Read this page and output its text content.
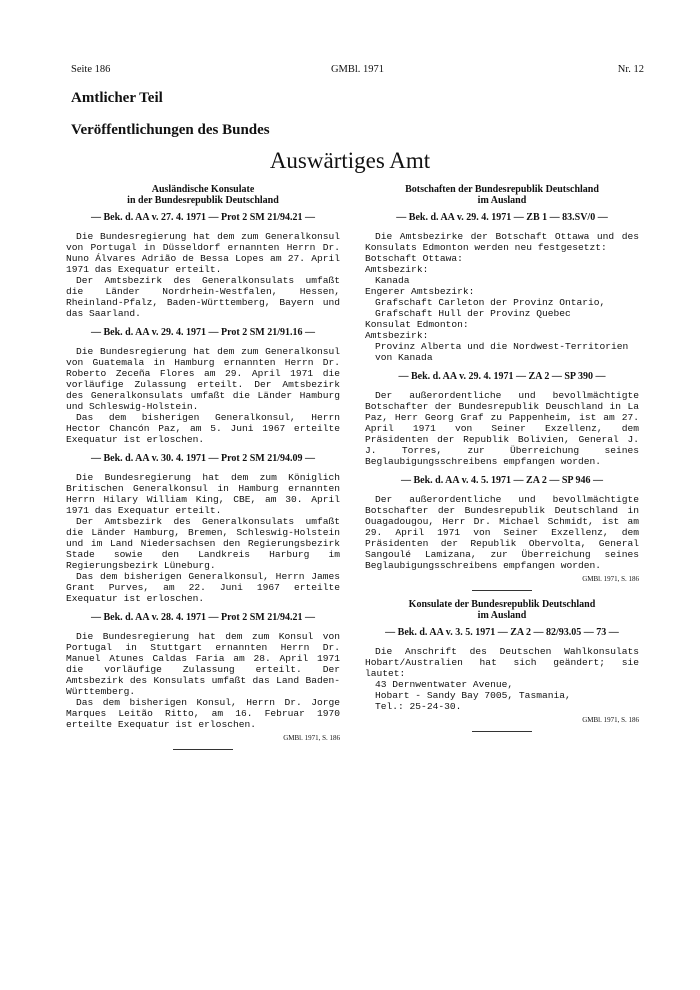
Seite 186	GMBl. 1971	Nr. 12
Amtlicher Teil
Veröffentlichungen des Bundes
Auswärtiges Amt
Ausländische Konsulate
in der Bundesrepublik Deutschland
— Bek. d. AA v. 27. 4. 1971 — Prot 2 SM 21/94.21 —

Die Bundesregierung hat dem zum Generalkonsul von Portugal in Düsseldorf ernannten Herrn Dr. Nuno Álvares Adrião de Bessa Lopes am 27. April 1971 das Exequatur erteilt.

Der Amtsbezirk des Generalkonsulats umfaßt die Länder Nordrhein-Westfalen, Hessen, Rheinland-Pfalz, Baden-Württemberg, Bayern und das Saarland.

— Bek. d. AA v. 29. 4. 1971 — Prot 2 SM 21/91.16 —

Die Bundesregierung hat dem zum Generalkonsul von Guatemala in Hamburg ernannten Herrn Dr. Roberto Zeceña Flores am 29. April 1971 die vorläufige Zulassung erteilt. Der Amtsbezirk des Generalkonsulats umfaßt die Länder Hamburg und Schleswig-Holstein.

Das dem bisherigen Generalkonsul, Herrn Hector Chancón Paz, am 5. Juni 1967 erteilte Exequatur ist erloschen.

— Bek. d. AA v. 30. 4. 1971 — Prot 2 SM 21/94.09 —

Die Bundesregierung hat dem zum Königlich Britischen Generalkonsul in Hamburg ernannten Herrn Hilary William King, CBE, am 30. April 1971 das Exequatur erteilt.

Der Amtsbezirk des Generalkonsulats umfaßt die Länder Hamburg, Bremen, Schleswig-Holstein und im Land Niedersachsen den Regierungsbezirk Stade sowie den Landkreis Harburg im Regierungsbezirk Lüneburg.

Das dem bisherigen Generalkonsul, Herrn James Grant Purves, am 22. Juni 1967 erteilte Exequatur ist erloschen.

— Bek. d. AA v. 28. 4. 1971 — Prot 2 SM 21/94.21 —

Die Bundesregierung hat dem zum Konsul von Portugal in Stuttgart ernannten Herrn Dr. Manuel Atunes Caldas Faria am 28. April 1971 die vorläufige Zulassung erteilt. Der Amtsbezirk des Konsulats umfaßt das Land Baden-Württemberg.

Das dem bisherigen Konsul, Herrn Dr. Jorge Marques Leitão Ritto, am 16. Februar 1970 erteilte Exequatur ist erloschen.

GMBl. 1971, S. 186
Botschaften der Bundesrepublik Deutschland
im Ausland
— Bek. d. AA v. 29. 4. 1971 — ZB 1 — 83.SV/0 —

Die Amtsbezirke der Botschaft Ottawa und des Konsulats Edmonton werden neu festgesetzt:

Botschaft Ottawa:

Amtsbezirk:

Kanada

Engerer Amtsbezirk:

Grafschaft Carleton der Provinz Ontario,

Grafschaft Hull der Provinz Quebec

Konsulat Edmonton:

Amtsbezirk:

Provinz Alberta und die Nordwest-Territorien

von Kanada

— Bek. d. AA v. 29. 4. 1971 — ZA 2 — SP 390 —

Der außerordentliche und bevollmächtigte Botschafter der Bundesrepublik Deuschland in La Paz, Herr Georg Graf zu Pappenheim, ist am 27. April 1971 von Seiner Exzellenz, dem Präsidenten der Republik Bolivien, General J. J. Torres, zur Überreichung seines Beglaubigungsschreibens empfangen worden.

— Bek. d. AA v. 4. 5. 1971 — ZA 2 — SP 946 —

Der außerordentliche und bevollmächtigte Botschafter der Bundesrepublik Deutschland in Ouagadougou, Herr Dr. Michael Schmidt, ist am 29. April 1971 von Seiner Exzellenz, dem Präsidenten der Republik Obervolta, General Sangoulé Lamizana, zur Überreichung seines Beglaubigungsschreibens empfangen worden.

GMBl. 1971, S. 186
Konsulate der Bundesrepublik Deutschland
im Ausland
— Bek. d. AA v. 3. 5. 1971 — ZA 2 — 82/93.05 — 73 —

Die Anschrift des Deutschen Wahlkonsulats Hobart/Australien hat sich geändert; sie lautet:

43 Dernwentwater Avenue,

Hobart - Sandy Bay 7005, Tasmania,

Tel.: 25-24-30.

GMBl. 1971, S. 186
